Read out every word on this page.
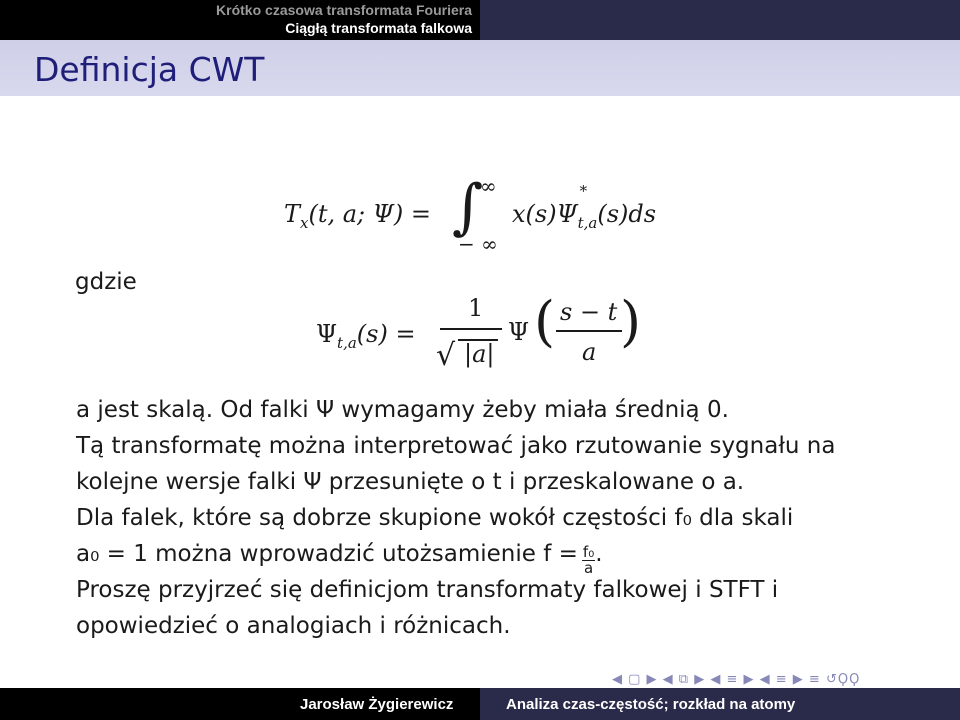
Krótko czasowa transformata Fouriera
Ciągłą transformata falkowa
Definicja CWT
$T_x(t$, a; Ψ) = ∫
∞
− ∞
x(s)Ψ
*
$_{t,a}$(s)ds
gdzie
$\Psi_{t,a}(s)$ =
1
√ |a|
Ψ ( s − t
a )
a jest skalą. Od falki Ψ wymagamy żeby miała średnią 0.
Tą transformatę można interpretować jako rzutowanie sygnału na
kolejne wersje falki Ψ przesunięte o t i przeskalowane o a.
Dla falek, które są dobrze skupione wokół częstości f₀ dla skali
a₀ = 1 można wprowadzić utożsamienie $f = \frac{\text{f₀}}{a}$ .
Proszę przyjrzeć się definicjom transformaty falkowej i STFT i
opowiedzieć o analogiach i różnicach.
◀ ▢ ▶ ◀ ⧉ ▶ ◀ ≡ ▶ ◀ ≡ ▶ ≡ ↺ϘϘ
Jarosław Żygierewicz	Analiza czas-częstość; rozkład na atomy
